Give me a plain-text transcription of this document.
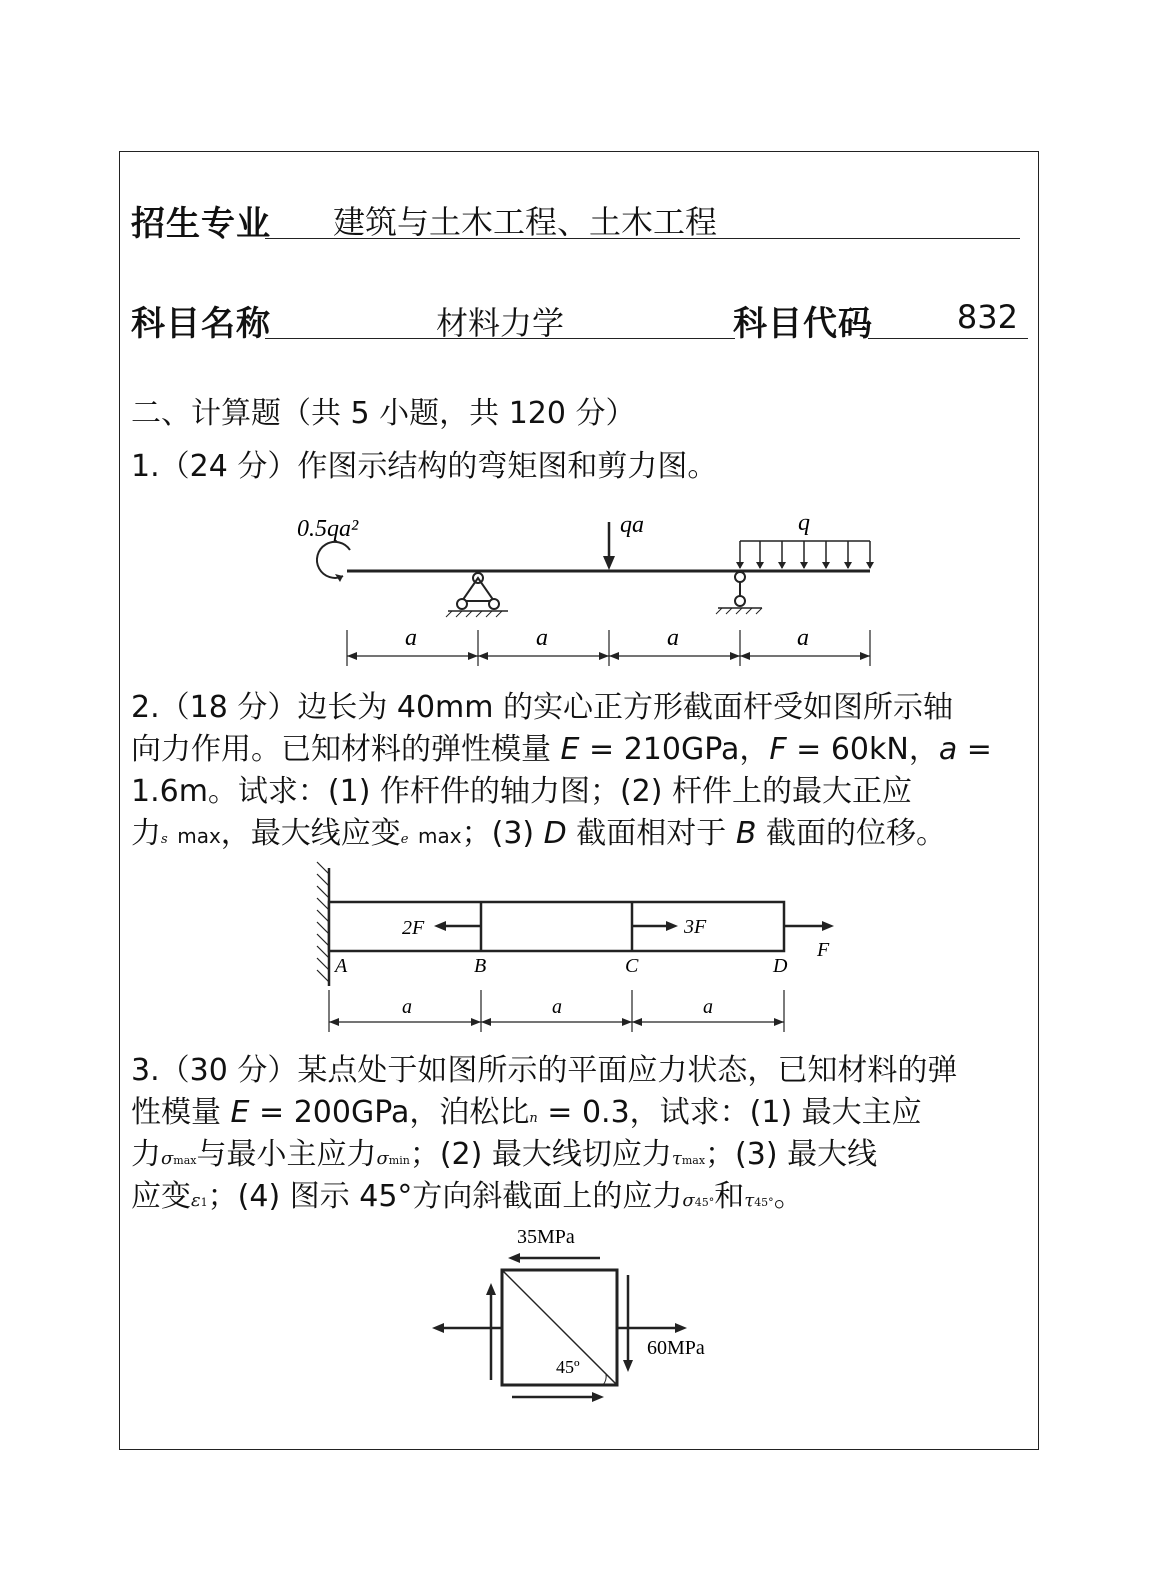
招生专业	建筑与土木工程、土木工程
科目名称	材料力学	科目代码	832
二、计算题（共 5 小题，共 120 分）
1.（24 分）作图示结构的弯矩图和剪力图。
0.5qa²	qa	q
a	a	a	a
2.（18 分）边长为 40mm 的实心正方形截面杆受如图所示轴
向力作用。已知材料的弹性模量 E = 210GPa，F = 60kN，a =
1.6m。试求：(1) 作杆件的轴力图；(2) 杆件上的最大正应
力s max，最大线应变e max；(3) D 截面相对于 B 截面的位移。
2F	3F
F
A	B	C	D
a	a	a
3.（30 分）某点处于如图所示的平面应力状态，已知材料的弹
性模量 E = 200GPa，泊松比n = 0.3，试求：(1) 最大主应
力σmax与最小主应力σmin；(2) 最大线切应力τmax；(3) 最大线
应变ε1；(4) 图示 45°方向斜截面上的应力σ45°和τ45°。
35MPa
45º
60MPa
